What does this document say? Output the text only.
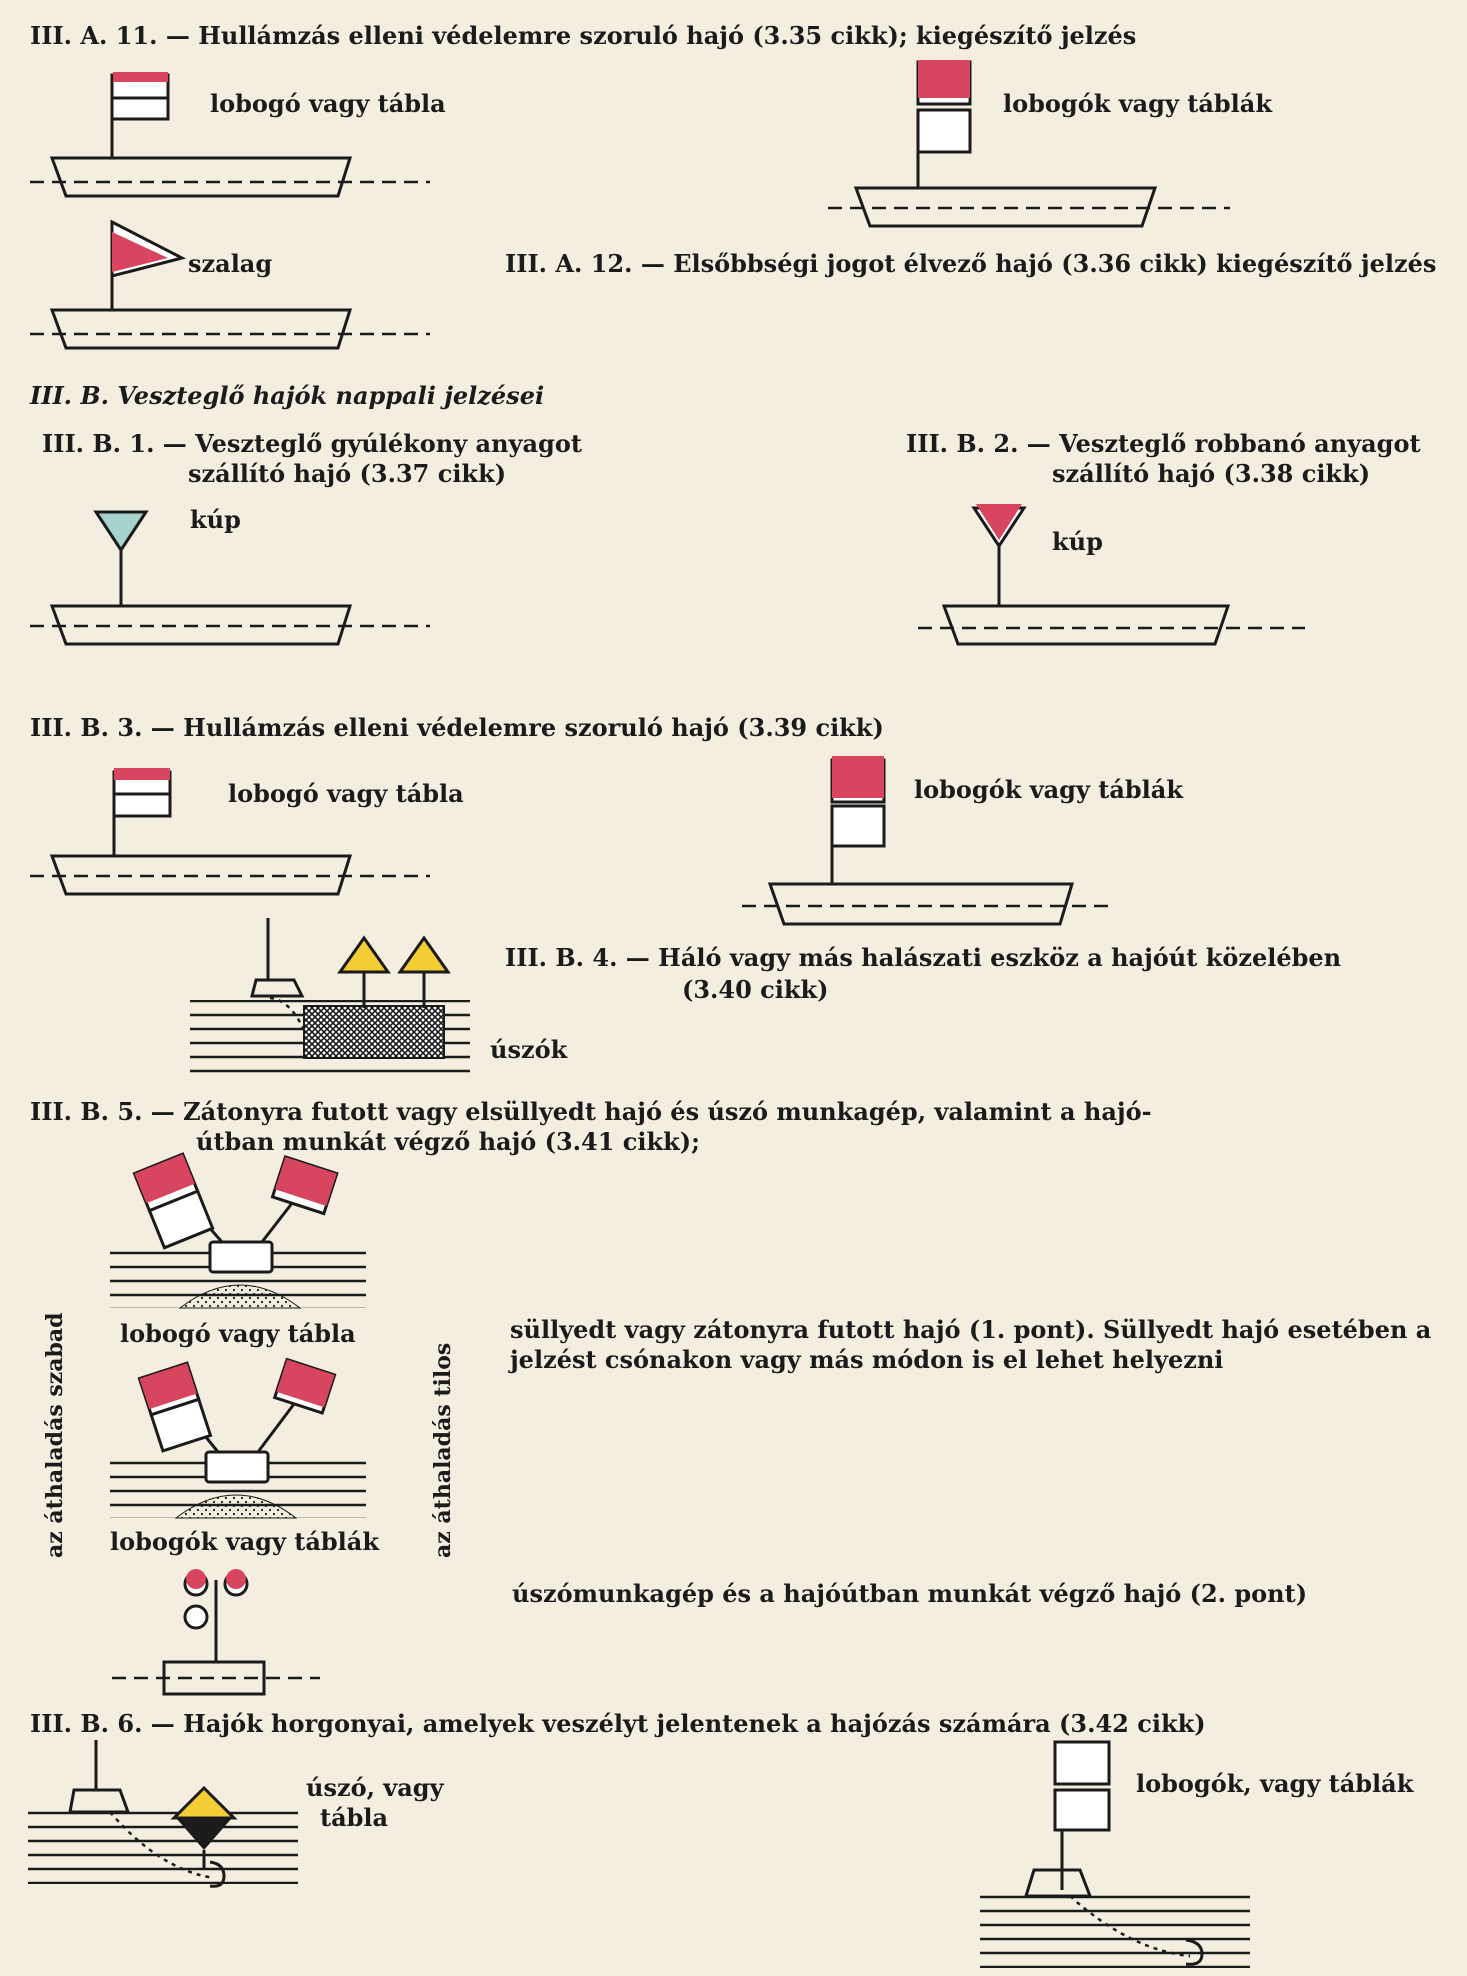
III. A. 11. — Hullámzás elleni védelemre szoruló hajó (3.35 cikk); kiegészítő jelzés
lobogó vagy tábla	lobogók vagy táblák
szalag	III. A. 12. — Elsőbbségi jogot élvező hajó (3.36 cikk) kiegészítő jelzés
III. B. Veszteglő hajók nappali jelzései
III. B. 1. — Veszteglő gyúlékony anyagot
szállító hajó (3.37 cikk)
kúp
III. B. 2. — Veszteglő robbanó anyagot
szállító hajó (3.38 cikk)
kúp
III. B. 3. — Hullámzás elleni védelemre szoruló hajó (3.39 cikk)
lobogó vagy tábla	lobogók vagy táblák
III. B. 4. — Háló vagy más halászati eszköz a hajóút közelében
(3.40 cikk)
úszók
III. B. 5. — Zátonyra futott vagy elsüllyedt hajó és úszó munkagép, valamint a hajó-
útban munkát végző hajó (3.41 cikk);
lobogó vagy tábla
lobogók vagy táblák
az áthaladás szabad	az áthaladás tilos
süllyedt vagy zátonyra futott hajó (1. pont). Süllyedt hajó esetében a
jelzést csónakon vagy más módon is el lehet helyezni
úszómunkagép és a hajóútban munkát végző hajó (2. pont)
III. B. 6. — Hajók horgonyai, amelyek veszélyt jelentenek a hajózás számára (3.42 cikk)
úszó, vagy
tábla
lobogók, vagy táblák
